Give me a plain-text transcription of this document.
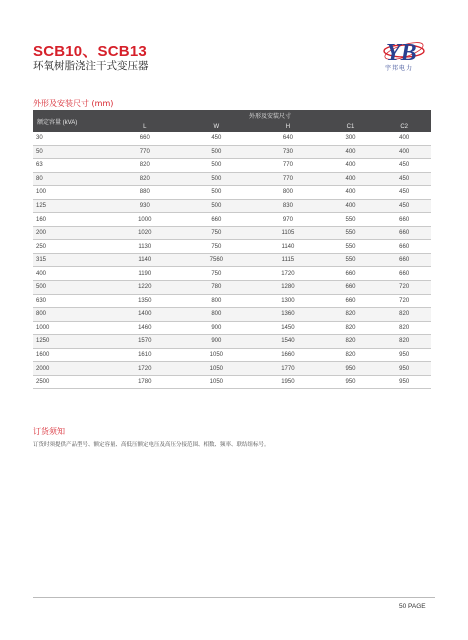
SCB10、SCB13
环氧树脂浇注干式变压器	YB
宇邦电力
外形及安装尺寸 (mm)
额定容量 (kVA)	外形及安装尺寸				
	L	W	H	C1	C2
30	660	450	640	300	400
50	770	500	730	400	400
63	820	500	770	400	450
80	820	500	770	400	450
100	880	500	800	400	450
125	930	500	830	400	450
160	1000	660	970	550	660
200	1020	750	1105	550	660
250	1130	750	1140	550	660
315	1140	7560	1115	550	660
400	1190	750	1720	660	660
500	1220	780	1280	660	720
630	1350	800	1300	660	720
800	1400	800	1360	820	820
1000	1460	900	1450	820	820
1250	1570	900	1540	820	820
1600	1610	1050	1660	820	950
2000	1720	1050	1770	950	950
2500	1780	1050	1950	950	950
订货须知
订货时须提供产品型号、额定容量、高低压额定电压及高压分接范围、相数、频率、联结组标号。
50 PAGE
